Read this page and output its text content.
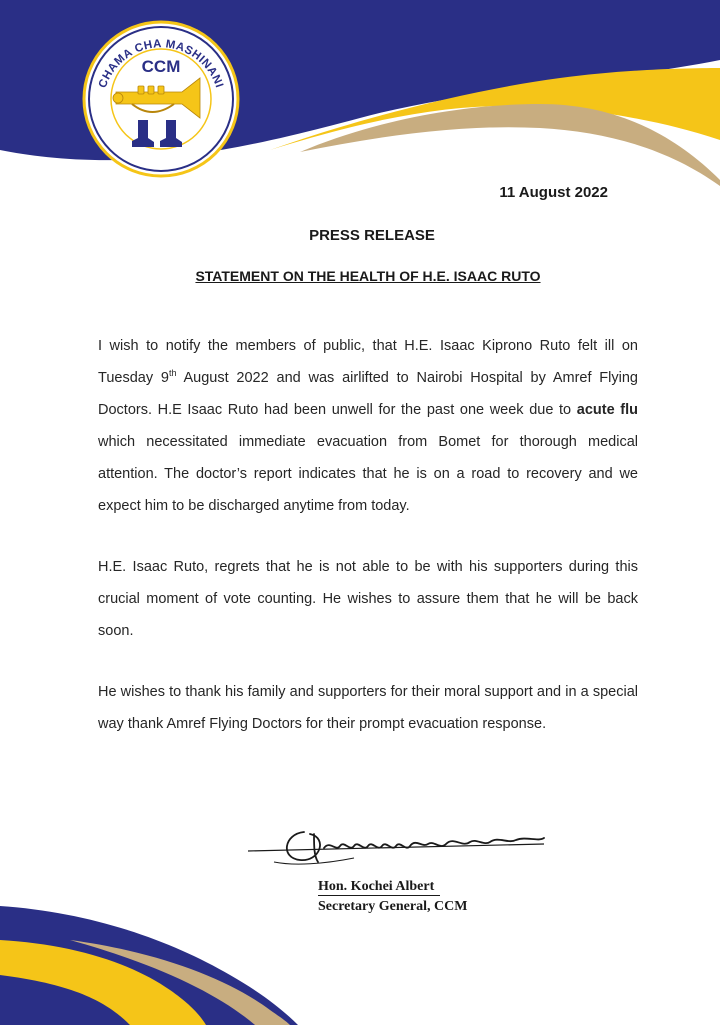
CHAMA CHA MASHINANI
CCM
11 August 2022
PRESS RELEASE
STATEMENT ON THE HEALTH OF H.E. ISAAC RUTO

I wish to notify the members of public, that H.E. Isaac Kiprono Ruto felt ill on Tuesday 9th August 2022 and was airlifted to Nairobi Hospital by Amref Flying Doctors. H.E Isaac Ruto had been unwell for the past one week due to acute flu which necessitated immediate evacuation from Bomet for thorough medical attention. The doctor’s report indicates that he is on a road to recovery and we expect him to be discharged anytime from today.

H.E. Isaac Ruto, regrets that he is not able to be with his supporters during this crucial moment of vote counting. He wishes to assure them that he will be back soon.

He wishes to thank his family and supporters for their moral support and in a special way thank Amref Flying Doctors for their prompt evacuation response.

Hon. Kochei Albert
Secretary General, CCM
